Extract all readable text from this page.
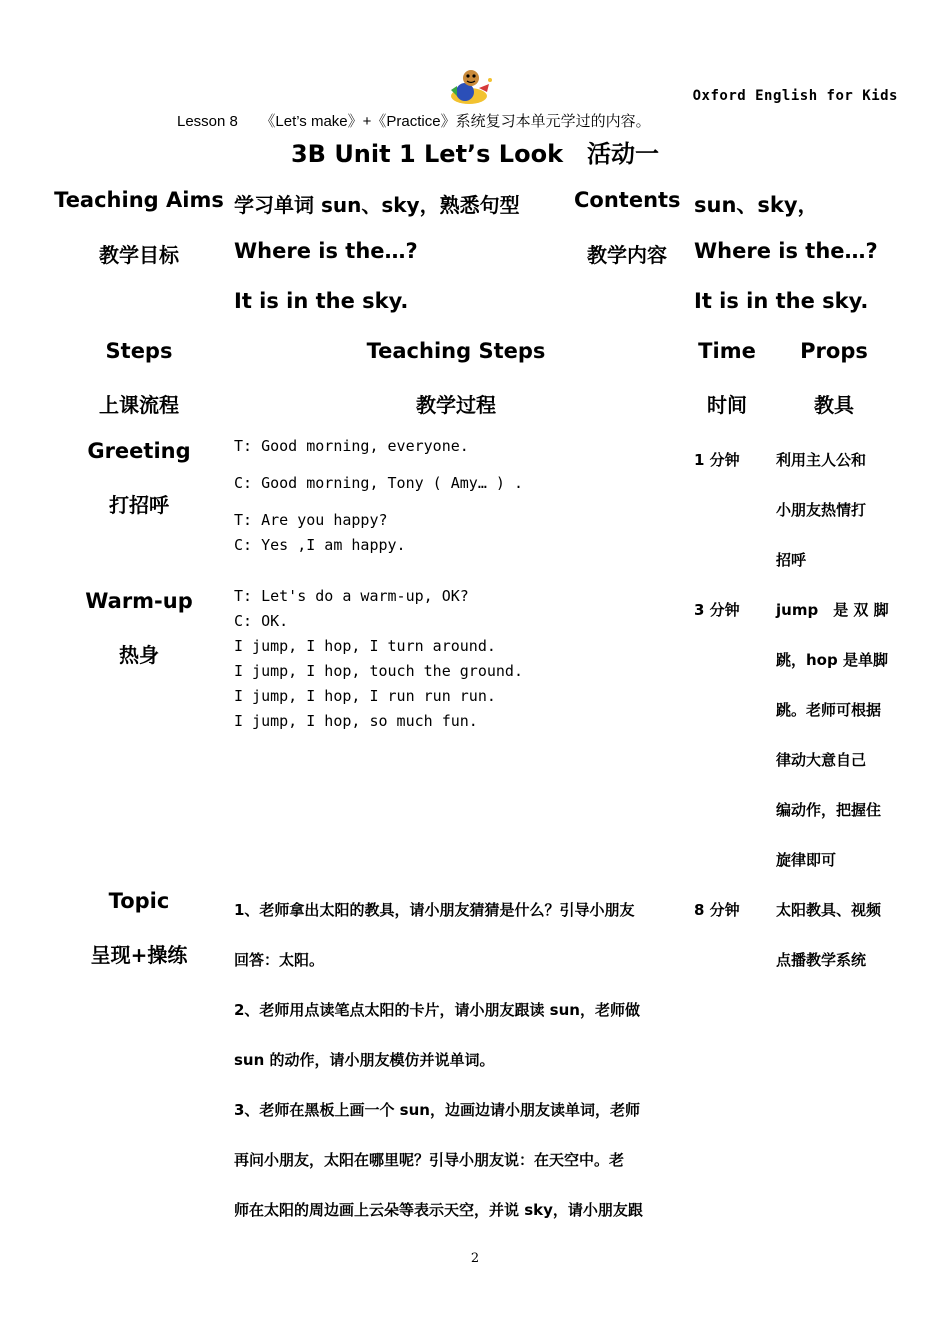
Oxford English for Kids
Lesson 8　　《Let’s make》+《Practice》系统复习本单元学过的内容。
3B Unit 1 Let’s Look　活动一
Teaching Aims
教学目标
学习单词 sun、sky，熟悉句型
Where is the…?
It is in the sky.
Contents
教学内容
sun、sky，
Where is the…?
It is in the sky.
Steps
上课流程
Teaching Steps
教学过程
Time
时间
Props
教具
Greeting
打招呼
T: Good morning, everyone.
C: Good morning, Tony ( Amy… ) .
T: Are you happy?
C: Yes ,I am happy.
1 分钟 利用主人公和
小朋友热情打
招呼
Warm-up
热身
T: Let's do a warm-up, OK?
C: OK.
I jump, I hop, I turn around.
I jump, I hop, touch the ground.
I jump, I hop, I run run run.
I jump, I hop, so much fun.
3 分钟 jump　是 双 脚
跳，hop 是单脚
跳。老师可根据
律动大意自己
编动作，把握住
旋律即可
Topic
呈现+操练
1、老师拿出太阳的教具，请小朋友猜猜是什么？引导小朋友
回答：太阳。
2、老师用点读笔点太阳的卡片，请小朋友跟读 sun，老师做
sun 的动作，请小朋友模仿并说单词。
3、老师在黑板上画一个 sun，边画边请小朋友读单词，老师
再问小朋友，太阳在哪里呢？引导小朋友说：在天空中。老
师在太阳的周边画上云朵等表示天空，并说 sky，请小朋友跟
8 分钟 太阳教具、视频
点播教学系统
2
